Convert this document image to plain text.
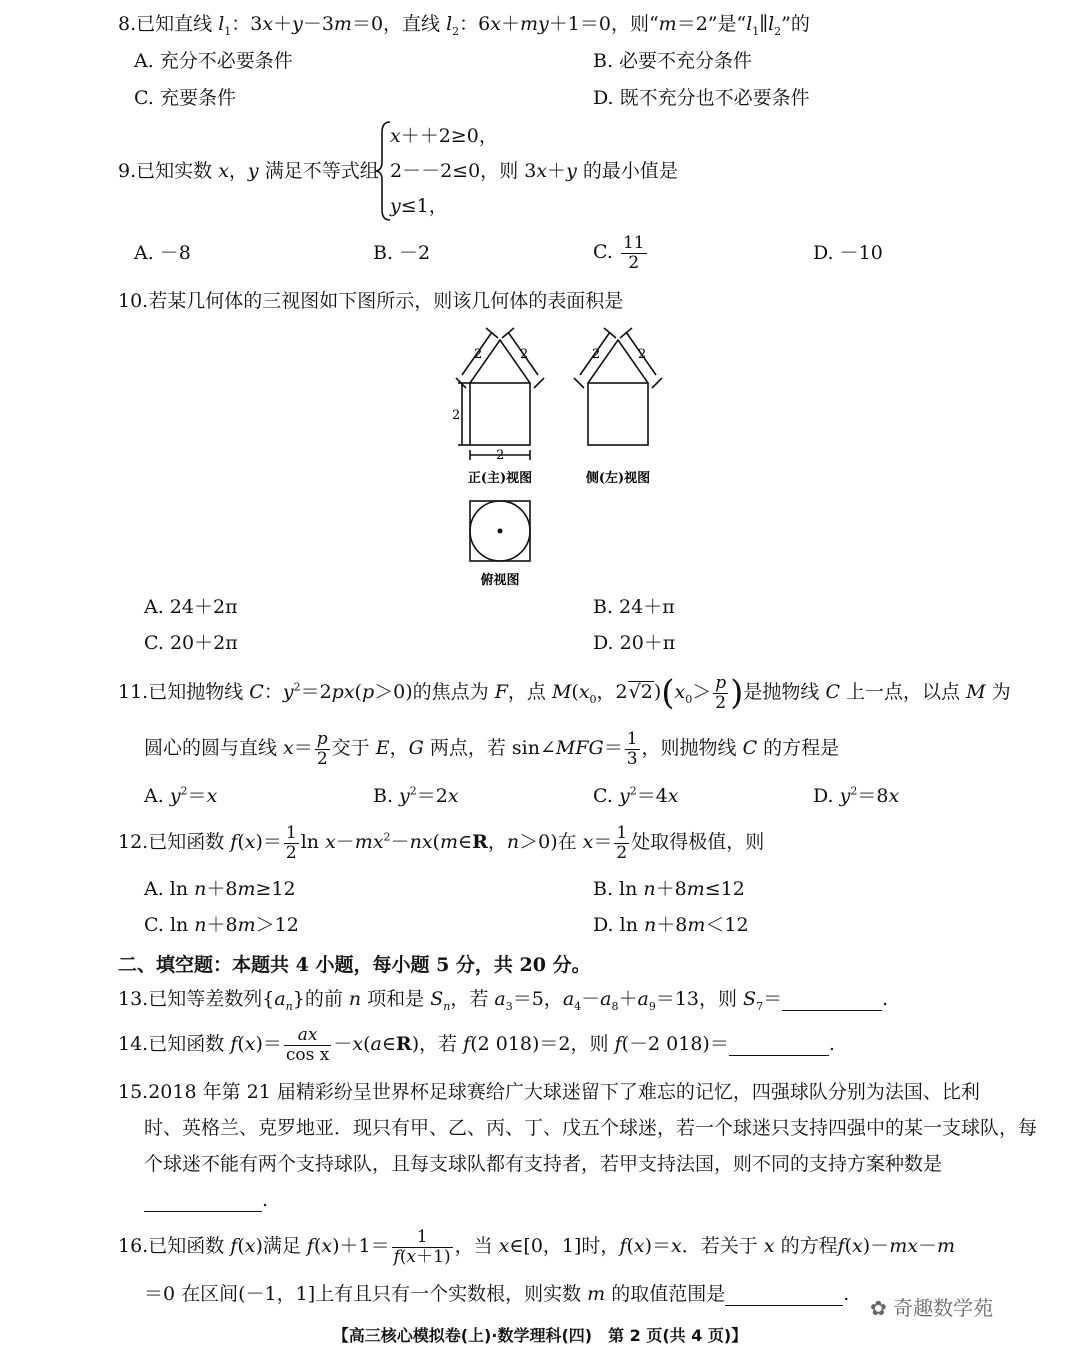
8.已知直线 $l_1$：3x＋y－3m＝0，直线 $l_2$：6x＋my＋1＝0，则“m＝2”是“$l_1\parallel l_2$”的
A. 充分不必要条件	B. 必要不充分条件
C. 充要条件	D. 既不充分也不必要条件
9.已知实数 x，y 满足不等式组
x＋＋2≥0，
2－－2≤0，则 3x＋y 的最小值是
y≤1，
A. －8	B. －2	C. $\frac{11}{2}$	D. －10
10.若某几何体的三视图如下图所示，则该几何体的表面积是
2	2
2
2
2	2
正(主)视图	侧(左)视图
俯视图
A. 24＋2π	B. 24＋π
C. 20＋2π	D. 20＋π
11.已知抛物线 C：$y^2=2px(p>0)$的焦点为 F，点 $M(x_0$，$2√2)(x_0> \frac{p}{2}$ )是抛物线 C 上一点，以点 M 为
圆心的圆与直线 $x= \frac{p}{2}$ 交于 E，G 两点，若 sin∠MFG＝ $\frac{1}{3}$ ，则抛物线 C 的方程是
A. $y^2=x$	B. $y^2=2x$	C. $y^2=4x$	D. $y^2=8x$
12.已知函数 $f(x)= \frac{1}{2}$ $\ln x-mx^2-nx(m\in R$，n＞0)在 $x= \frac{1}{2}$ 处取得极值，则
A. ln n＋8m≥12	B. ln n＋8m≤12
C. ln n＋8m＞12	D. ln n＋8m＜12
二、填空题：本题共 4 小题，每小题 5 分，共 20 分。
13.已知等差数列$\{a_n\}$的前 n 项和是 $S_n$，若 $a_3=5$，$a_4-a_8+a_9=13$，则 $S_7=$	.
14.已知函数 $f(x)= \frac{ax}{\text{cos x}}$ －x(a∈R)，若 f(2 018)＝2，则 f(－2 018)＝	.
15.2018 年第 21 届精彩纷呈世界杯足球赛给广大球迷留下了难忘的记忆，四强球队分别为法国、比利
时、英格兰、克罗地亚．现只有甲、乙、丙、丁、戊五个球迷，若一个球迷只支持四强中的某一支球队，每
个球迷不能有两个支持球队，且每支球队都有支持者，若甲支持法国，则不同的支持方案种数是
.
16.已知函数 f(x)满足 $f(x)+1= \frac{1}{f(x+1)}$ ，当 x∈[0，1]时，f(x)＝x．若关于 x 的方程f(x)－mx－m
＝0 在区间(－1，1]上有且只有一个实数根，则实数 m 的取值范围是	.
✿ 奇趣数学苑
【高三核心模拟卷(上)·数学理科(四)　第 2 页(共 4 页)】
